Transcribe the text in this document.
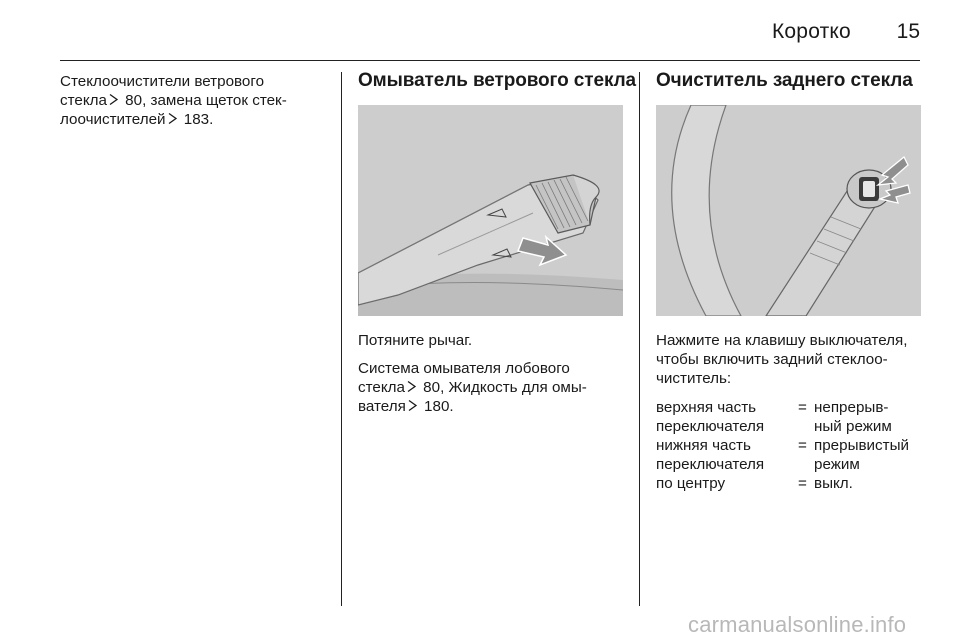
Коротко	15
Стеклоочистители ветрового
стекла
80, замена щеток стек-
лоочистителей
183.
Омыватель ветрового стекла
Потяните рычаг.
Система омывателя лобового
стекла
80, Жидкость для омы-
вателя
180.
Очиститель заднего стекла
Нажмите на клавишу выключателя,
чтобы включить задний стеклоо-
чиститель:
верхняя часть
переключателя
= непрерыв-
ный режим
нижняя часть
переключателя
= прерывистый
режим
по центру	= выкл.
carmanualsonline.info
